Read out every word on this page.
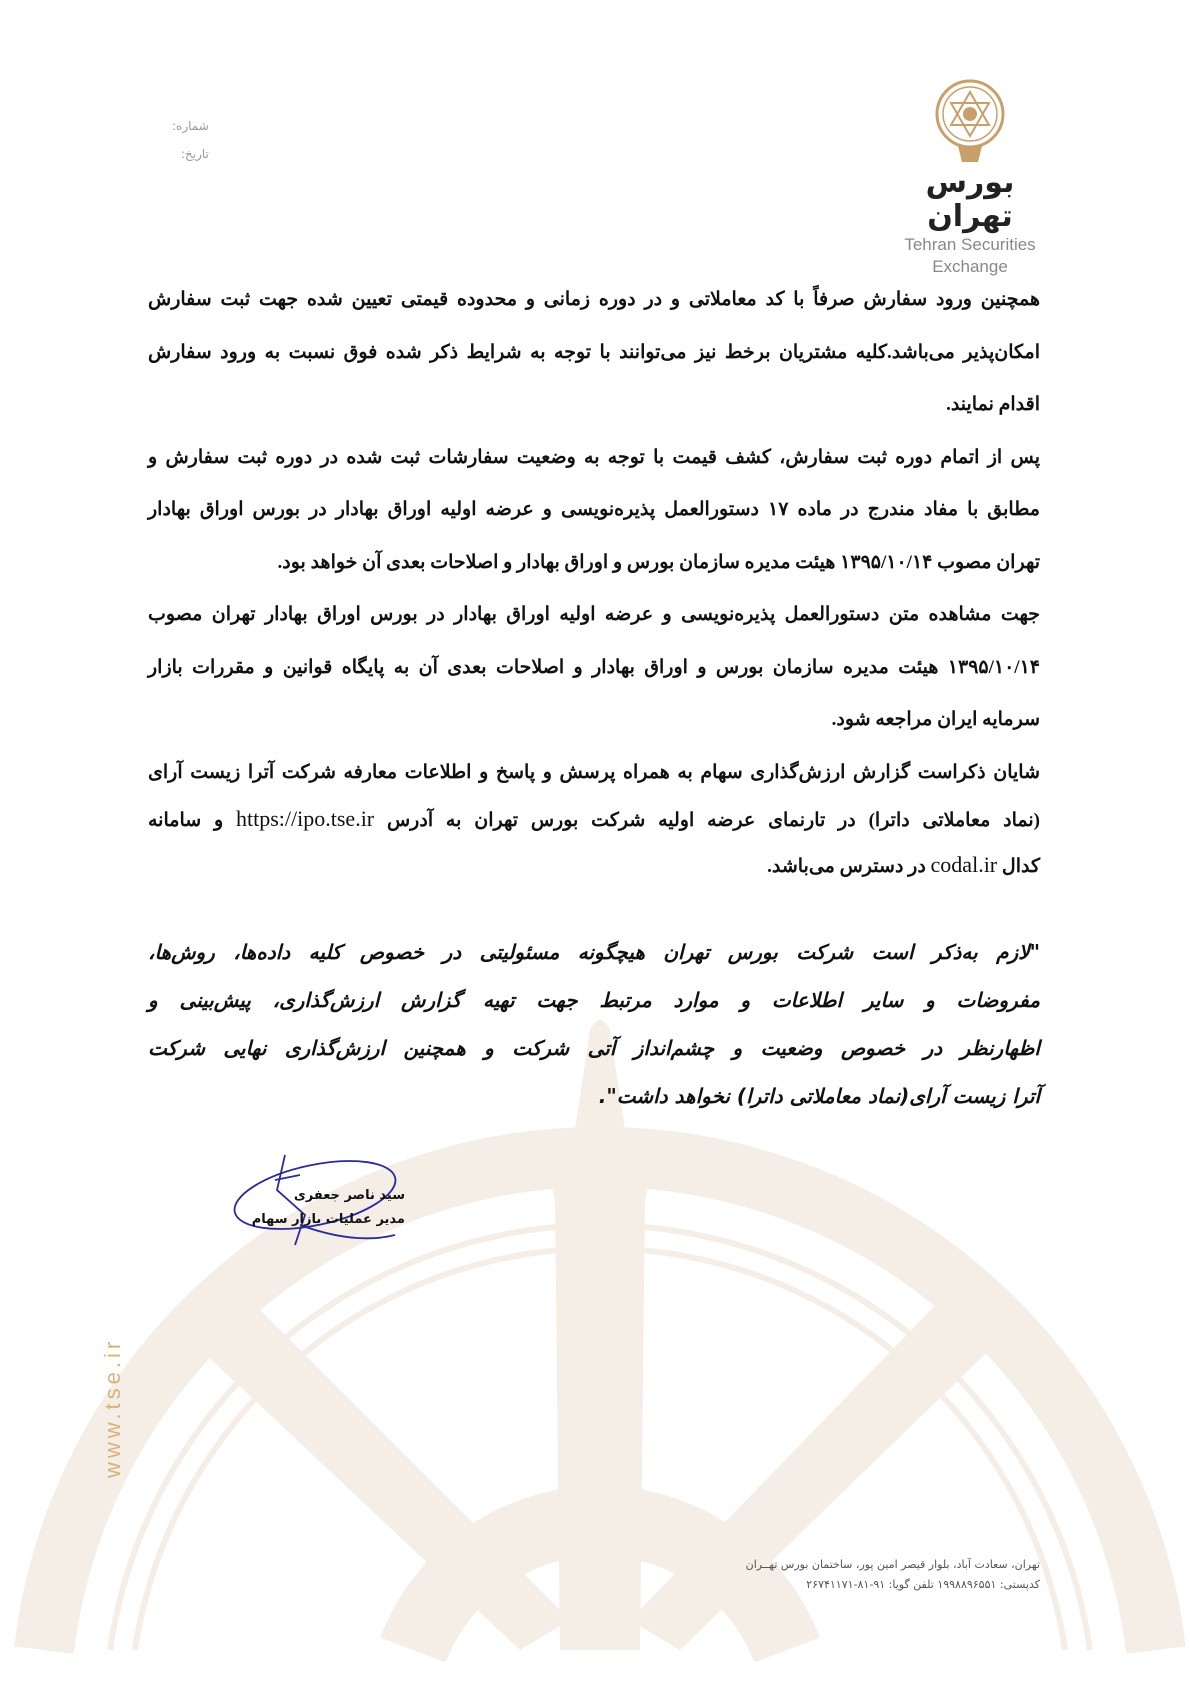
بورس تهران
Tehran Securities
Exchange
شماره:
تاریخ:
همچنین ورود سفارش صرفاً با کد معاملاتی و در دوره زمانی و محدوده قیمتی تعیین شده جهت ثبت سفارش
امکان‌پذیر می‌باشد.کلیه مشتریان برخط نیز می‌توانند با توجه به شرایط ذکر شده فوق نسبت به ورود سفارش
اقدام نمایند.
پس از اتمام دوره ثبت سفارش، کشف قیمت با توجه به وضعیت سفارشات ثبت شده در دوره ثبت سفارش و
مطابق با مفاد مندرج در ماده ۱۷ دستورالعمل پذیره‌نویسی و عرضه اولیه اوراق بهادار در بورس اوراق بهادار
تهران مصوب ۱۳۹۵/۱۰/۱۴ هیئت مدیره سازمان بورس و اوراق بهادار و اصلاحات بعدی آن خواهد بود.
جهت مشاهده متن دستورالعمل پذیره‌نویسی و عرضه اولیه اوراق بهادار در بورس اوراق بهادار تهران مصوب
۱۳۹۵/۱۰/۱۴ هیئت مدیره سازمان بورس و اوراق بهادار و اصلاحات بعدی آن به پایگاه قوانین و مقررات بازار
سرمایه ایران مراجعه شود.
شایان ذکراست گزارش ارزش‌گذاری سهام به همراه پرسش و پاسخ و اطلاعات معارفه شرکت آترا زیست آرای
(نماد معاملاتی داترا) در تارنمای عرضه اولیه شرکت بورس تهران به آدرس https://ipo.tse.ir و سامانه
کدال codal.ir در دسترس می‌باشد.
"لازم به‌ذکر است شرکت بورس تهران هیچگونه مسئولیتی در خصوص کلیه داده‌ها، روش‌ها،
مفروضات و سایر اطلاعات و موارد مرتبط جهت تهیه گزارش ارزش‌گذاری، پیش‌بینی و
اظهارنظر در خصوص وضعیت و چشم‌انداز آتی شرکت و همچنین ارزش‌گذاری نهایی شرکت
آترا زیست آرای(نماد معاملاتی داترا) نخواهد داشت".
سید ناصر جعفری
مدیر عملیات بازار سهام
www.tse.ir
تهران، سعادت آباد، بلوار قیصر امین پور، ساختمان بورس تهــران
کدپستی: ۱۹۹۸۸۹۶۵۵۱ تلفن گویا: ۹۱-۸۱-۲۶۷۴۱۱۷۱
